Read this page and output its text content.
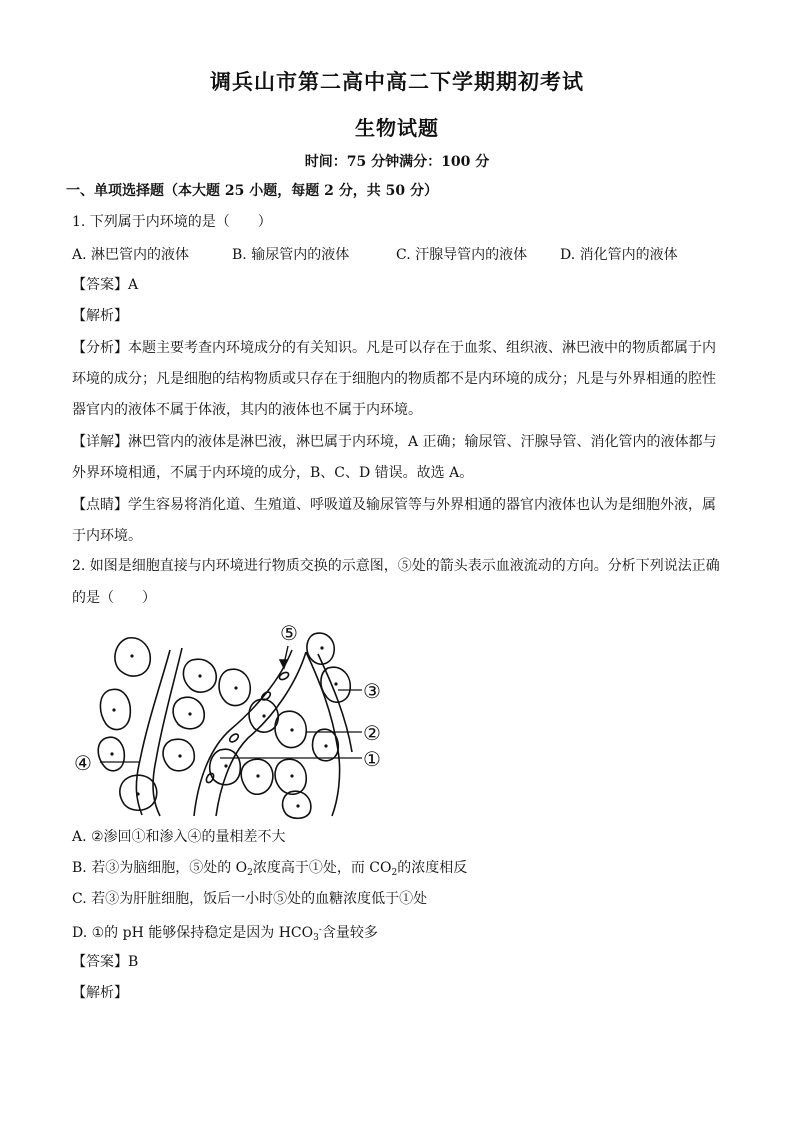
调兵山市第二高中高二下学期期初考试
生物试题
时间：75 分钟满分：100 分
一、单项选择题（本大题 25 小题，每题 2 分，共 50 分）
1. 下列属于内环境的是（　　）
A. 淋巴管内的液体	B. 输尿管内的液体	C. 汗腺导管内的液体 D. 消化管内的液体
【答案】A
【解析】
【分析】本题主要考查内环境成分的有关知识。凡是可以存在于血浆、组织液、淋巴液中的物质都属于内
环境的成分；凡是细胞的结构物质或只存在于细胞内的物质都不是内环境的成分；凡是与外界相通的腔性
器官内的液体不属于体液，其内的液体也不属于内环境。
【详解】淋巴管内的液体是淋巴液，淋巴属于内环境，A 正确；输尿管、汗腺导管、消化管内的液体都与
外界环境相通，不属于内环境的成分，B、C、D 错误。故选 A。
【点睛】学生容易将消化道、生殖道、呼吸道及输尿管等与外界相通的器官内液体也认为是细胞外液，属
于内环境。
2. 如图是细胞直接与内环境进行物质交换的示意图，⑤处的箭头表示血液流动的方向。分析下列说法正确
的是（　　）
⑤
③
②
①
④
A. ②渗回①和渗入④的量相差不大
B. 若③为脑细胞，⑤处的 $O_2$浓度高于①处，而 $CO_2$的浓度相反
C. 若③为肝脏细胞，饭后一小时⑤处的血糖浓度低于①处
D. ①的 pH 能够保持稳定是因为 $HCO_3^-$含量较多
【答案】B
【解析】
